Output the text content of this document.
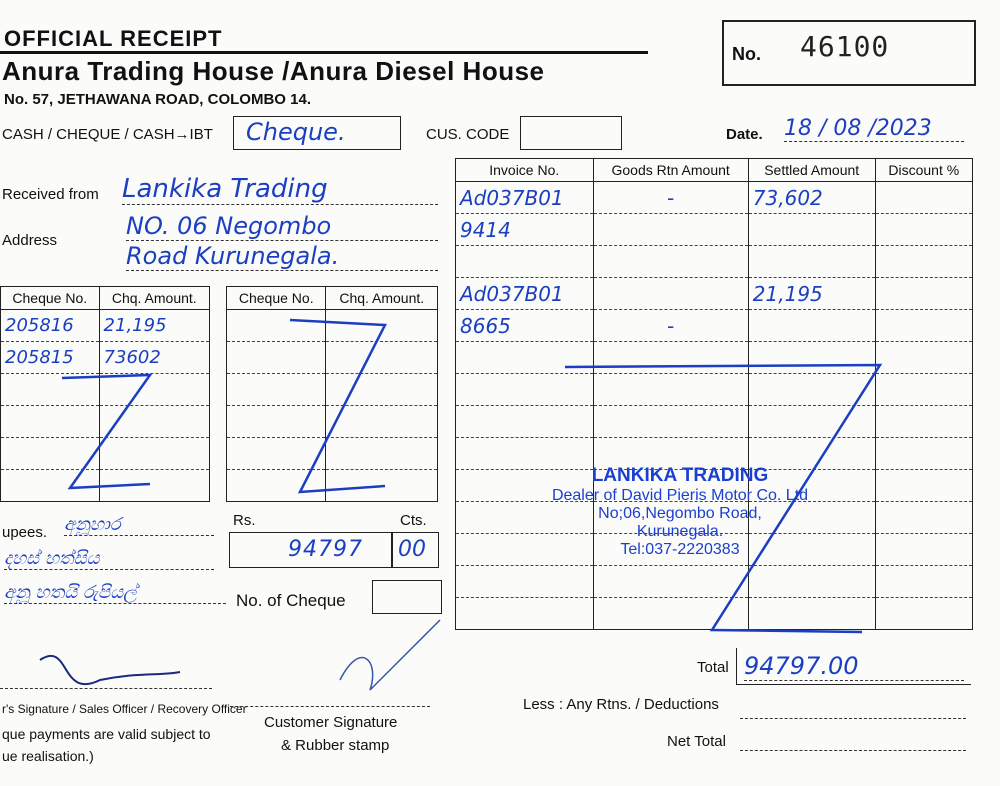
OFFICIAL RECEIPT
Anura Trading House /Anura Diesel House
No. 57, JETHAWANA ROAD, COLOMBO 14.
No. 46100
CASH / CHEQUE / CASH→IBT Cheque.	CUS. CODE	Date. 18 / 08 /2023
Received from Lankika Trading
Address
NO. 06 Negombo
Road Kurunegala.
Cheque No.	Chq. Amount.
205816	21,195
205815	73602

Cheque No.	Chq. Amount.

Invoice No.	Goods Rtn Amount	Settled Amount	Discount %
Ad037B01	-	73,602	
9414			

Ad037B01		21,195	
8665	-		

upees. අනූහාර
දහස් හත්සිය
අනූ හතයි රුපියල්
Rs.	Cts.
94797 00
No. of Cheque
Total 94797.00
Less : Any Rtns. / Deductions
Net Total
LANKIKA TRADING
Dealer of David Pieris Motor Co. Ltd
No;06,Negombo Road,
Kurunegala.
Tel:037-2220383
r's Signature / Sales Officer / Recovery Officer
que payments are valid subject to
ue realisation.)
Customer Signature
& Rubber stamp
